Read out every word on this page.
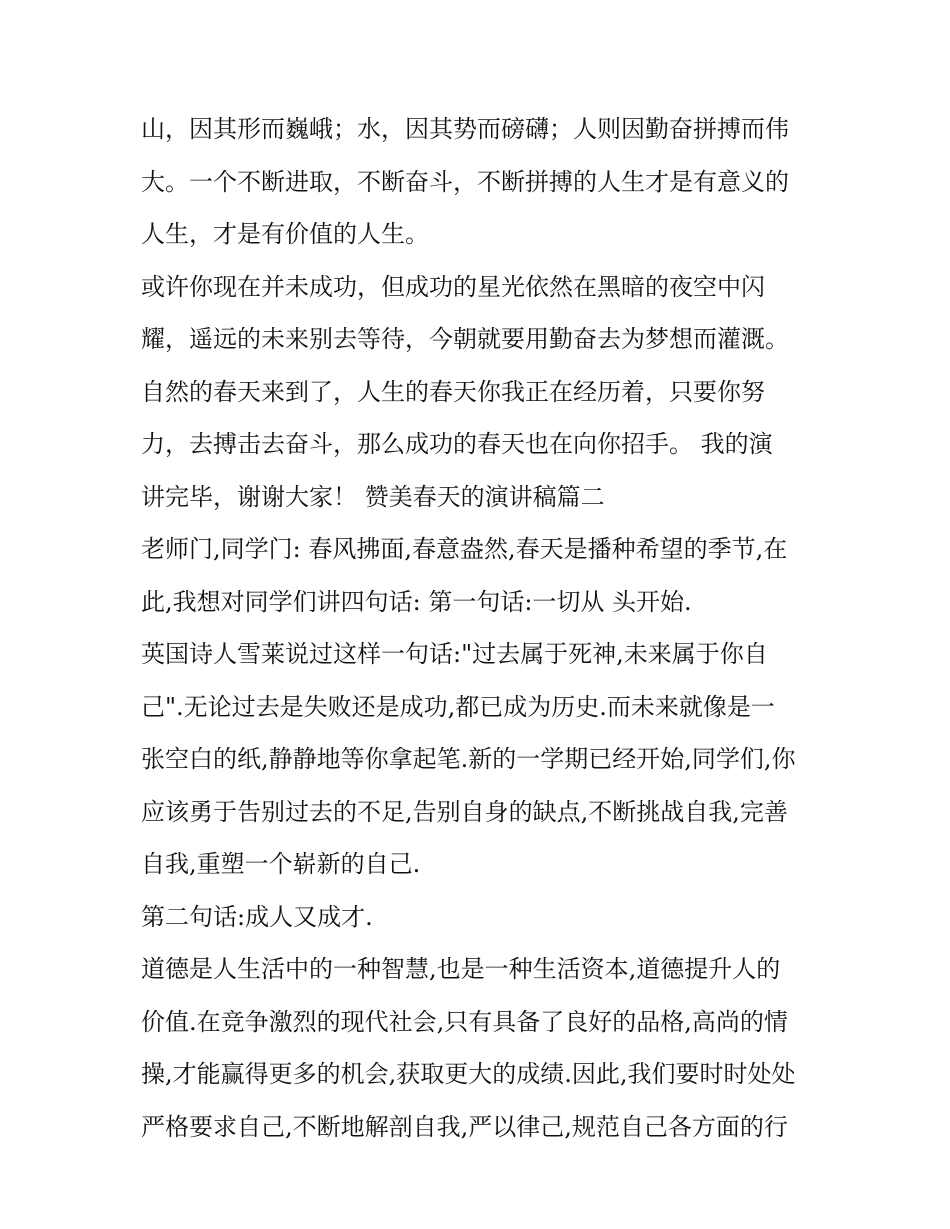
山，因其形而巍峨；水，因其势而磅礴；人则因勤奋拼搏而伟

大。一个不断进取，不断奋斗，不断拼搏的人生才是有意义的

人生，才是有价值的人生。

或许你现在并未成功，但成功的星光依然在黑暗的夜空中闪

耀，遥远的未来别去等待，今朝就要用勤奋去为梦想而灌溉。

自然的春天来到了，人生的春天你我正在经历着，只要你努

力，去搏击去奋斗，那么成功的春天也在向你招手。 我的演

讲完毕，谢谢大家！ 赞美春天的演讲稿篇二

老师门,同学门: 春风拂面,春意盎然,春天是播种希望的季节,在

此,我想对同学们讲四句话: 第一句话:一切从 头开始.

英国诗人雪莱说过这样一句话:"过去属于死神,未来属于你自

己".无论过去是失败还是成功,都已成为历史.而未来就像是一

张空白的纸,静静地等你拿起笔.新的一学期已经开始,同学们,你

应该勇于告别过去的不足,告别自身的缺点,不断挑战自我,完善

自我,重塑一个崭新的自己.

第二句话:成人又成才.

道德是人生活中的一种智慧,也是一种生活资本,道德提升人的

价值.在竞争激烈的现代社会,只有具备了良好的品格,高尚的情

操,才能赢得更多的机会,获取更大的成绩.因此,我们要时时处处

严格要求自己,不断地解剖自我,严以律己,规范自己各方面的行
